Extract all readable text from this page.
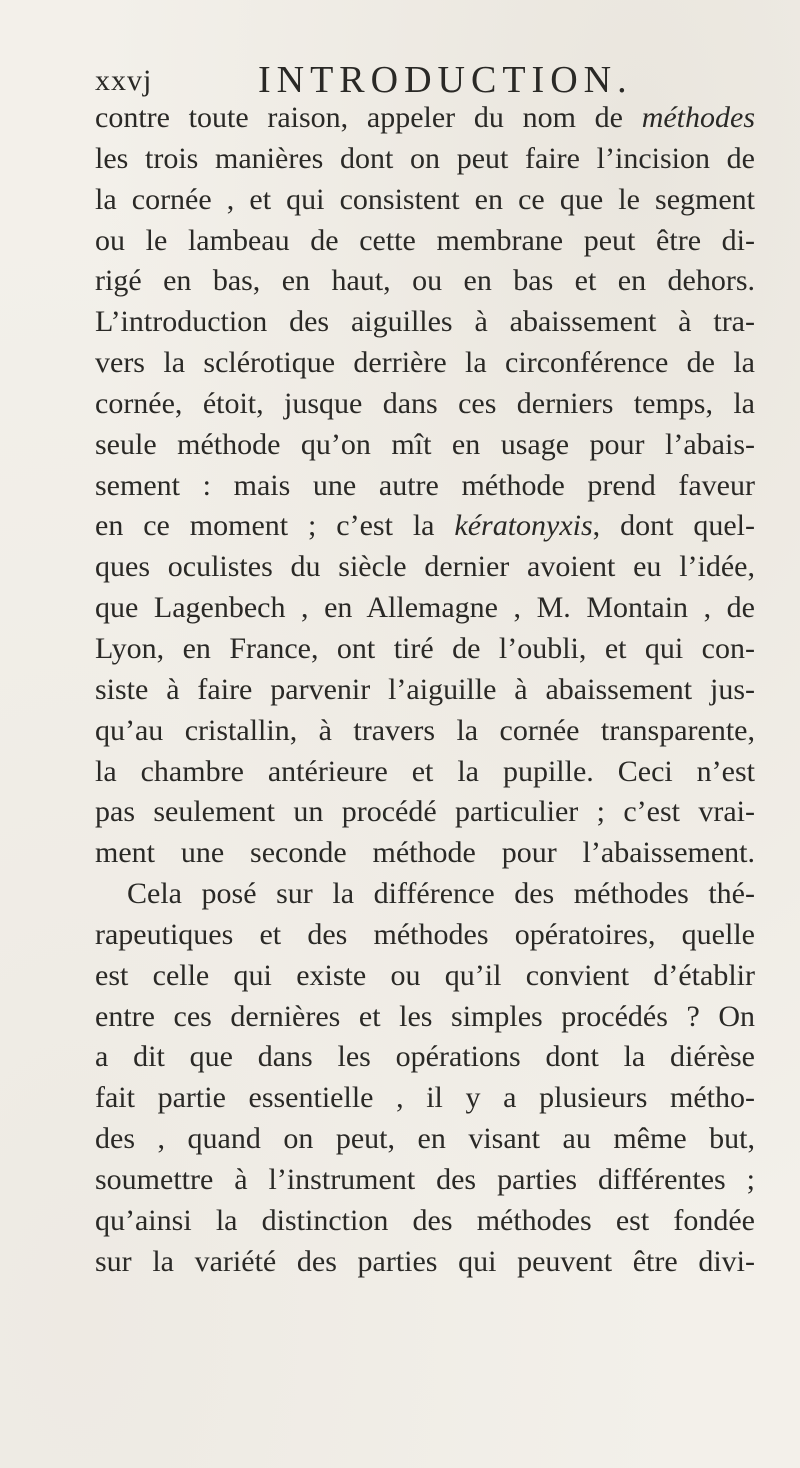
xxvj	INTRODUCTION.
contre toute raison, appeler du nom de méthodes
les trois manières dont on peut faire l’incision de
la cornée , et qui consistent en ce que le segment
ou le lambeau de cette membrane peut être di-
rigé en bas, en haut, ou en bas et en dehors.
L’introduction des aiguilles à abaissement à tra-
vers la sclérotique derrière la circonférence de la
cornée, étoit, jusque dans ces derniers temps, la
seule méthode qu’on mît en usage pour l’abais-
sement : mais une autre méthode prend faveur
en ce moment ; c’est la kératonyxis, dont quel-
ques oculistes du siècle dernier avoient eu l’idée,
que Lagenbech , en Allemagne , M. Montain , de
Lyon, en France, ont tiré de l’oubli, et qui con-
siste à faire parvenir l’aiguille à abaissement jus-
qu’au cristallin, à travers la cornée transparente,
la chambre antérieure et la pupille. Ceci n’est
pas seulement un procédé particulier ; c’est vrai-
ment une seconde méthode pour l’abaissement.
Cela posé sur la différence des méthodes thé-
rapeutiques et des méthodes opératoires, quelle
est celle qui existe ou qu’il convient d’établir
entre ces dernières et les simples procédés ? On
a dit que dans les opérations dont la diérèse
fait partie essentielle , il y a plusieurs métho-
des , quand on peut, en visant au même but,
soumettre à l’instrument des parties différentes ;
qu’ainsi la distinction des méthodes est fondée
sur la variété des parties qui peuvent être divi-
